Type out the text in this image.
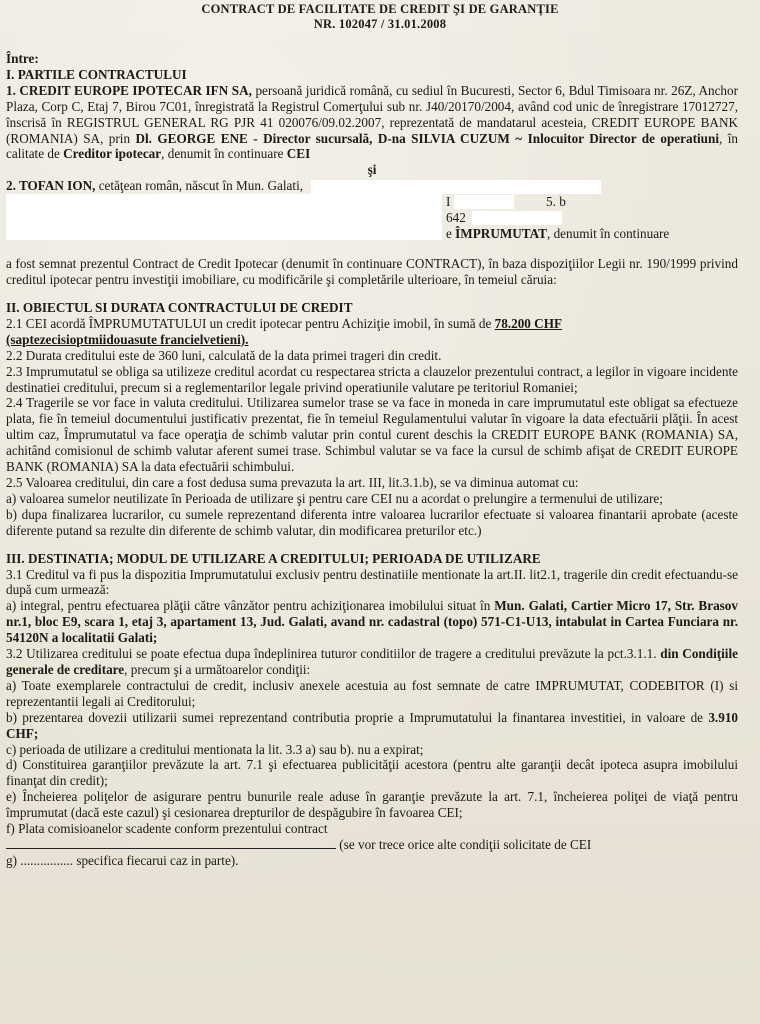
CONTRACT DE FACILITATE DE CREDIT ŞI DE GARANŢIE
NR. 102047 / 31.01.2008
Între:
I. PARTILE CONTRACTULUI

1. CREDIT EUROPE IPOTECAR IFN SA, persoană juridică română, cu sediul în Bucuresti, Sector 6, Bdul Timisoara nr. 26Z, Anchor Plaza, Corp C, Etaj 7, Birou 7C01, înregistrată la Registrul Comerţului sub nr. J40/20170/2004, având cod unic de înregistrare 17012727, înscrisă în REGISTRUL GENERAL RG PJR 41 020076/09.02.2007, reprezentată de mandatarul acesteia, CREDIT EUROPE BANK (ROMANIA) SA, prin Dl. GEORGE ENE - Director sucursală, D-na SILVIA CUZUM ~ Inlocuitor Director de operatiuni, în calitate de Creditor ipotecar, denumit în continuare CEI

şi

2. TOFAN ION, cetăţean român, născut în Mun. Galati,

I	5. b
642
e ÎMPRUMUTAT, denumit în continuare

a fost semnat prezentul Contract de Credit Ipotecar (denumit în continuare CONTRACT), în baza dispoziţiilor Legii nr. 190/1999 privind creditul ipotecar pentru investiţii imobiliare, cu modificările şi completările ulterioare, în temeiul căruia:

II. OBIECTUL SI DURATA CONTRACTULUI DE CREDIT

2.1 CEI acordă ÎMPRUMUTATULUI un credit ipotecar pentru Achiziţie imobil, în sumă de 78.200 CHF
(saptezecisioptmiidouasute francielvetieni).

2.2 Durata creditului este de 360 luni, calculată de la data primei trageri din credit.

2.3 Imprumutatul se obliga sa utilizeze creditul acordat cu respectarea stricta a clauzelor prezentului contract, a legilor in vigoare incidente destinatiei creditului, precum si a reglementarilor legale privind operatiunile valutare pe teritoriul Romaniei;

2.4 Tragerile se vor face in valuta creditului. Utilizarea sumelor trase se va face in moneda in care imprumutatul este obligat sa efectueze plata, fie în temeiul documentului justificativ prezentat, fie în temeiul Regulamentului valutar în vigoare la data efectuării plăţii. În acest ultim caz, Împrumutatul va face operaţia de schimb valutar prin contul curent deschis la CREDIT EUROPE BANK (ROMANIA) SA, achitând comisionul de schimb valutar aferent sumei trase. Schimbul valutar se va face la cursul de schimb afişat de CREDIT EUROPE BANK (ROMANIA) SA la data efectuării schimbului.

2.5 Valoarea creditului, din care a fost dedusa suma prevazuta la art. III, lit.3.1.b), se va diminua automat cu:

a) valoarea sumelor neutilizate în Perioada de utilizare şi pentru care CEI nu a acordat o prelungire a termenului de utilizare;

b) dupa finalizarea lucrarilor, cu sumele reprezentand diferenta intre valoarea lucrarilor efectuate si valoarea finantarii aprobate (aceste diferente putand sa rezulte din diferente de schimb valutar, din modificarea preturilor etc.)

III. DESTINATIA; MODUL DE UTILIZARE A CREDITULUI; PERIOADA DE UTILIZARE

3.1 Creditul va fi pus la dispozitia Imprumutatului exclusiv pentru destinatiile mentionate la art.II. lit2.1, tragerile din credit efectuandu-se după cum urmează:

a) integral, pentru efectuarea plăţii către vânzător pentru achiziţionarea imobilului situat în Mun. Galati, Cartier Micro 17, Str. Brasov nr.1, bloc E9, scara 1, etaj 3, apartament 13, Jud. Galati, avand nr. cadastral (topo) 571-C1-U13, intabulat in Cartea Funciara nr. 54120N a localitatii Galati;

3.2 Utilizarea creditului se poate efectua dupa îndeplinirea tuturor conditiilor de tragere a creditului prevăzute la pct.3.1.1. din Condiţiile generale de creditare, precum şi a următoarelor condiţii:

a) Toate exemplarele contractului de credit, inclusiv anexele acestuia au fost semnate de catre IMPRUMUTAT, CODEBITOR (I) si reprezentantii legali ai Creditorului;

b) prezentarea dovezii utilizarii sumei reprezentand contributia proprie a Imprumutatului la finantarea investitiei, in valoare de 3.910 CHF;

c) perioada de utilizare a creditului mentionata la lit. 3.3 a) sau b). nu a expirat;

d) Constituirea garanţiilor prevăzute la art. 7.1 şi efectuarea publicităţii acestora (pentru alte garanţii decât ipoteca asupra imobilului finanţat din credit);

e) Încheierea poliţelor de asigurare pentru bunurile reale aduse în garanţie prevăzute la art. 7.1, încheierea poliţei de viaţă pentru împrumutat (dacă este cazul) şi cesionarea drepturilor de despăgubire în favoarea CEI;

f) Plata comisioanelor scadente conform prezentului contract
(se vor trece orice alte condiţii solicitate de CEI

g) ................ specifica fiecarui caz in parte).
